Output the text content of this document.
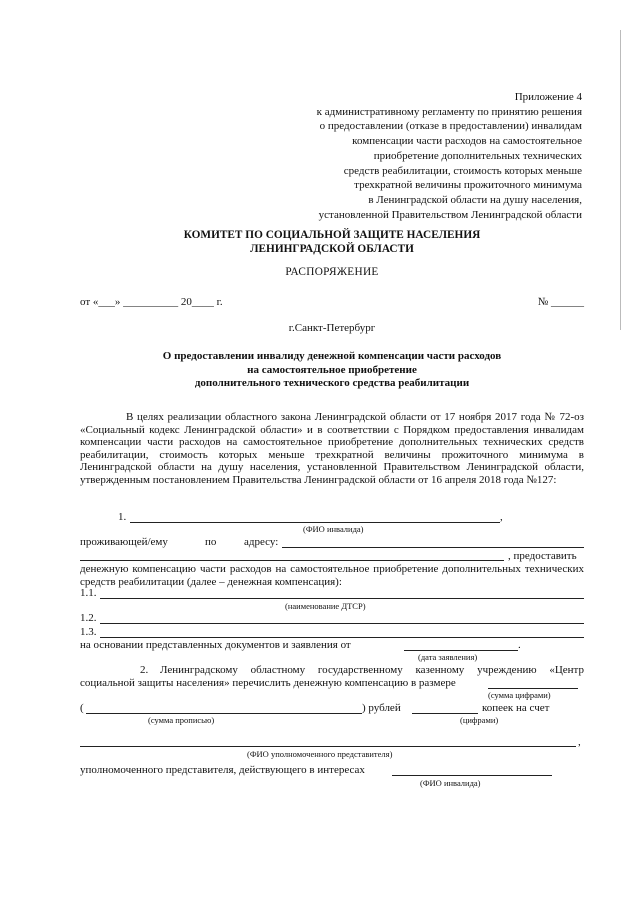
Приложение 4
к административному регламенту по принятию решения
о предоставлении (отказе в предоставлении) инвалидам
компенсации части расходов на самостоятельное
приобретение дополнительных технических
средств реабилитации, стоимость которых меньше
трехкратной величины прожиточного минимума
в Ленинградской области на душу населения,
установленной Правительством Ленинградской области
КОМИТЕТ ПО СОЦИАЛЬНОЙ ЗАЩИТЕ НАСЕЛЕНИЯ
ЛЕНИНГРАДСКОЙ ОБЛАСТИ
РАСПОРЯЖЕНИЕ
от «___» __________ 20____ г.	№ ______
г.Санкт-Петербург
О предоставлении инвалиду денежной компенсации части расходов
на самостоятельное приобретение
дополнительного технического средства реабилитации
В целях реализации областного закона Ленинградской области от 17 ноября 2017 года № 72-оз «Социальный кодекс Ленинградской области» и в соответствии с Порядком предоставления инвалидам компенсации части расходов на самостоятельное приобретение дополнительных технических средств реабилитации, стоимость которых меньше трехкратной величины прожиточного минимума в Ленинградской области на душу населения, установленной Правительством Ленинградской области, утвержденным постановлением Правительства Ленинградской области от 16 апреля 2018 года №127:
1.	,
(ФИО инвалида)
проживающей/ему	по	адресу:
, предоставить
денежную компенсацию части расходов на самостоятельное приобретение дополнительных технических средств реабилитации (далее – денежная компенсация):
1.1.
(наименование ДТСР)
1.2.
1.3.
на основании представленных документов и заявления от	.
(дата заявления)
2. Ленинградскому областному государственному казенному учреждению «Центр
социальной защиты населения» перечислить денежную компенсацию в размере
(сумма цифрами)
(	) рублей	копеек на счет
(сумма прописью)	(цифрами)
,
(ФИО уполномоченного представителя)
уполномоченного представителя, действующего в интересах
(ФИО инвалида)
